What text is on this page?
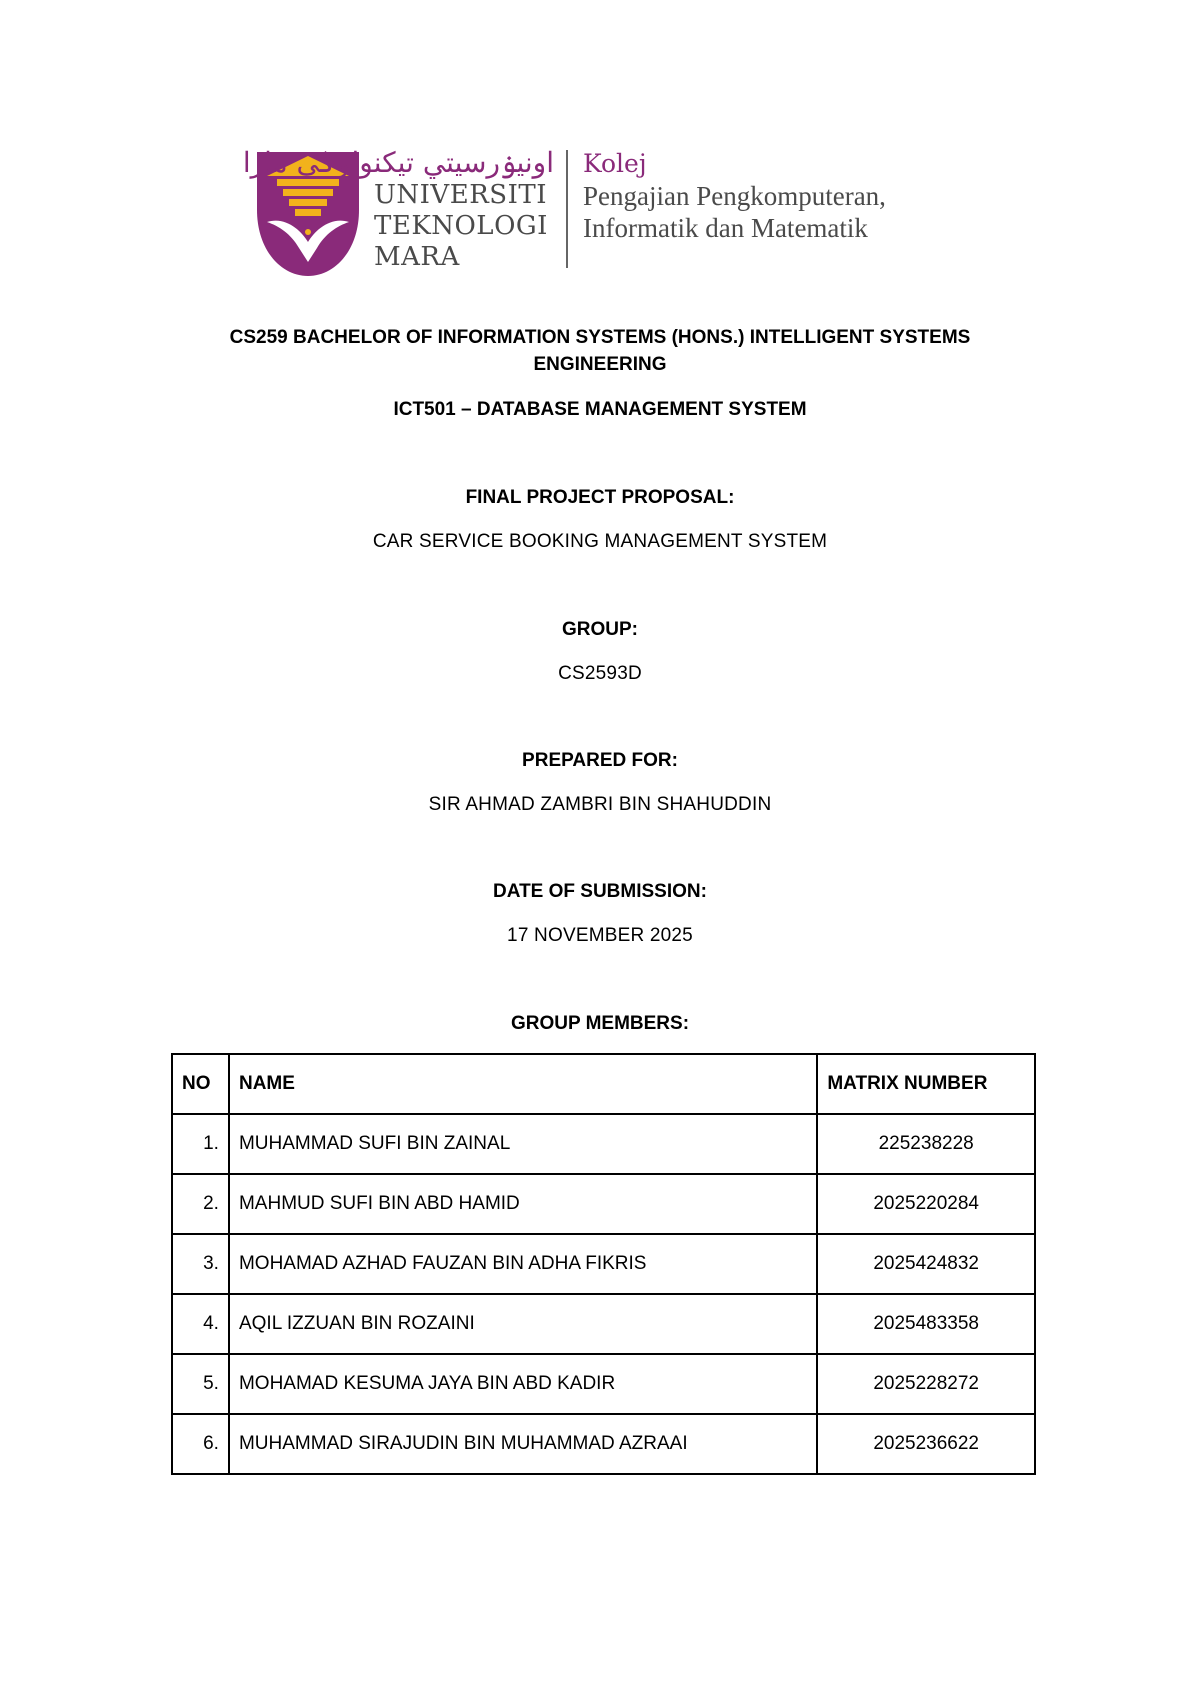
اونيۏرسيتي تيکنولوݢي مارا
UNIVERSITI
TEKNOLOGI
MARA
Kolej
Pengajian Pengkomputeran,
Informatik dan Matematik
CS259 BACHELOR OF INFORMATION SYSTEMS (HONS.) INTELLIGENT SYSTEMS
ENGINEERING
ICT501 – DATABASE MANAGEMENT SYSTEM
FINAL PROJECT PROPOSAL:
CAR SERVICE BOOKING MANAGEMENT SYSTEM
GROUP:
CS2593D
PREPARED FOR:
SIR AHMAD ZAMBRI BIN SHAHUDDIN
DATE OF SUBMISSION:
17 NOVEMBER 2025
GROUP MEMBERS:
NO	NAME	MATRIX NUMBER
1.	MUHAMMAD SUFI BIN ZAINAL	225238228
2.	MAHMUD SUFI BIN ABD HAMID	2025220284
3.	MOHAMAD AZHAD FAUZAN BIN ADHA FIKRIS	2025424832
4.	AQIL IZZUAN BIN ROZAINI	2025483358
5.	MOHAMAD KESUMA JAYA BIN ABD KADIR	2025228272
6.	MUHAMMAD SIRAJUDIN BIN MUHAMMAD AZRAAI	2025236622
